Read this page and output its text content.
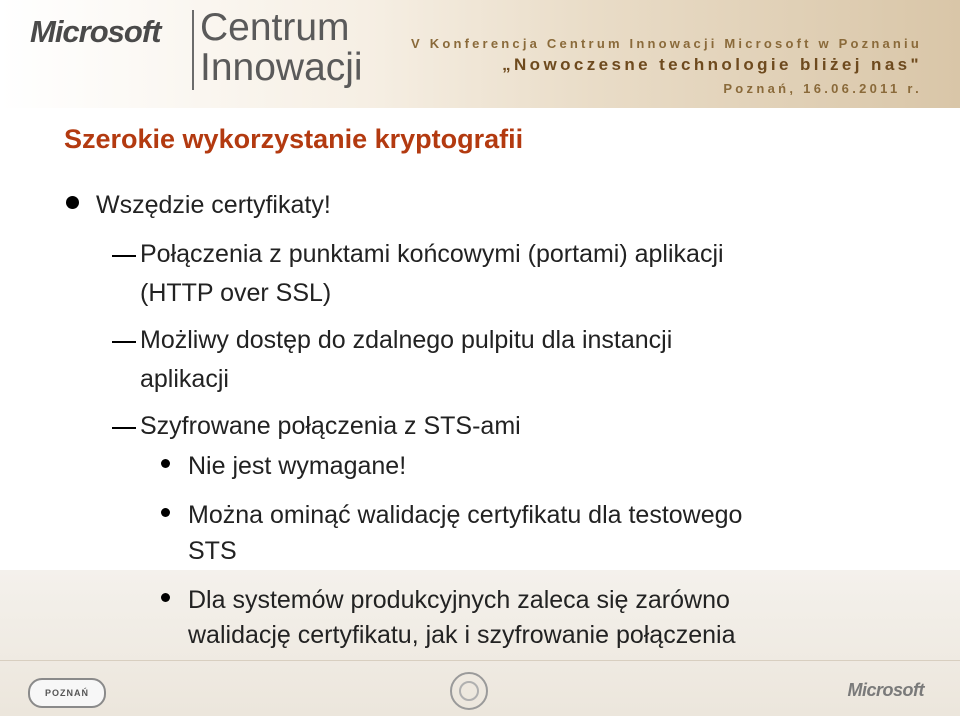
Microsoft Centrum
Innowacji
V Konferencja Centrum Innowacji Microsoft w Poznaniu
„Nowoczesne technologie bliżej nas"
Poznań, 16.06.2011 r.
Szerokie wykorzystanie kryptografii
Wszędzie certyfikaty!
Połączenia z punktami końcowymi (portami) aplikacji
(HTTP over SSL)
Możliwy dostęp do zdalnego pulpitu dla instancji
aplikacji
Szyfrowane połączenia z STS-ami
Nie jest wymagane!
Można ominąć walidację certyfikatu dla testowego
STS
Dla systemów produkcyjnych zaleca się zarówno
walidację certyfikatu, jak i szyfrowanie połączenia
POZNAŃ	Microsoft
